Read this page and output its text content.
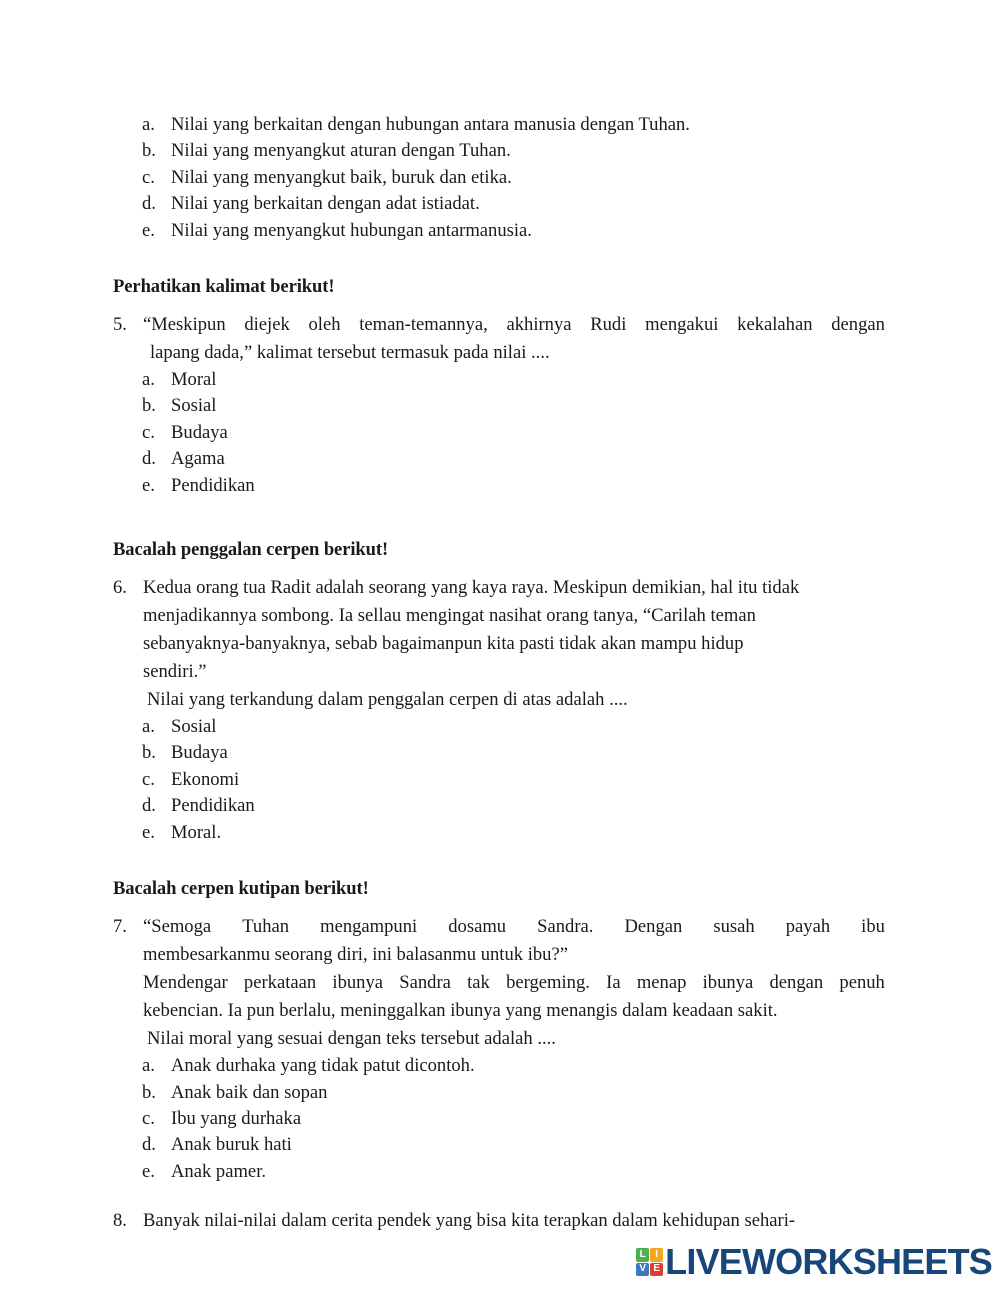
a. Nilai yang berkaitan dengan hubungan antara manusia dengan Tuhan.
b. Nilai yang menyangkut aturan dengan Tuhan.
c. Nilai yang menyangkut baik, buruk dan etika.
d. Nilai yang berkaitan dengan adat istiadat.
e. Nilai yang menyangkut hubungan antarmanusia.
Perhatikan kalimat berikut!
5. “Meskipun diejek oleh teman-temannya, akhirnya Rudi mengakui kekalahan dengan
lapang dada,” kalimat tersebut termasuk pada nilai ....
a. Moral
b. Sosial
c. Budaya
d. Agama
e. Pendidikan
Bacalah penggalan cerpen berikut!
6. Kedua orang tua Radit adalah seorang yang kaya raya. Meskipun demikian, hal itu tidak
menjadikannya sombong. Ia sellau mengingat nasihat orang tanya, “Carilah teman
sebanyaknya-banyaknya, sebab bagaimanpun kita pasti tidak akan mampu hidup
sendiri.”
Nilai yang terkandung dalam penggalan cerpen di atas adalah ....
a. Sosial
b. Budaya
c. Ekonomi
d. Pendidikan
e. Moral.
Bacalah cerpen kutipan berikut!
7. “Semoga Tuhan mengampuni dosamu Sandra. Dengan susah payah ibu
membesarkanmu seorang diri, ini balasanmu untuk ibu?”
Mendengar perkataan ibunya Sandra tak bergeming. Ia menap ibunya dengan penuh
kebencian. Ia pun berlalu, meninggalkan ibunya yang menangis dalam keadaan sakit.
Nilai moral yang sesuai dengan teks tersebut adalah ....
a. Anak durhaka yang tidak patut dicontoh.
b. Anak baik dan sopan
c. Ibu yang durhaka
d. Anak buruk hati
e. Anak pamer.
8. Banyak nilai-nilai dalam cerita pendek yang bisa kita terapkan dalam kehidupan sehari-
L I
V E LIVEWORKSHEETS
